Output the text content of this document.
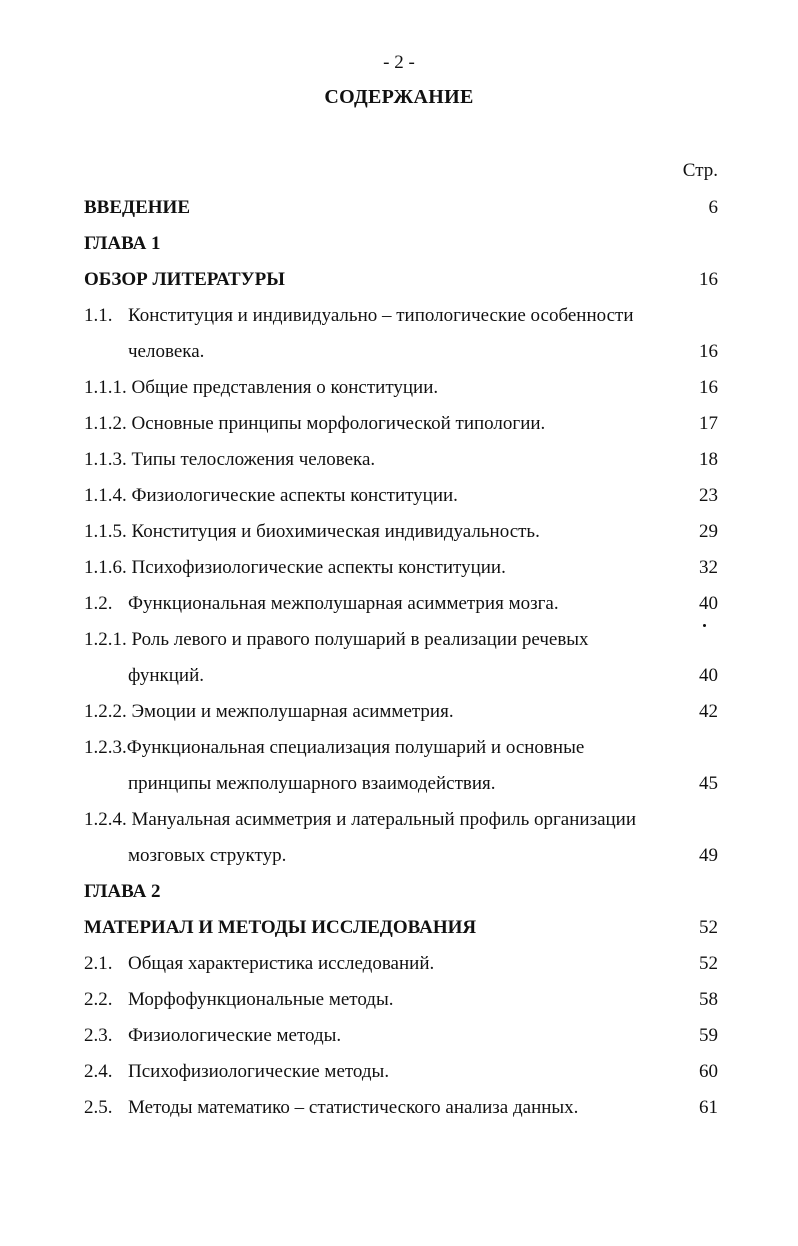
- 2 -
СОДЕРЖАНИЕ
Стр.
ВВЕДЕНИЕ	6
ГЛАВА 1
ОБЗОР ЛИТЕРАТУРЫ	16
1.1. Конституция и индивидуально – типологические особенности
человека.	16
1.1.1. Общие представления о конституции.	16
1.1.2. Основные принципы морфологической типологии.	17
1.1.3. Типы телосложения человека.	18
1.1.4. Физиологические аспекты конституции.	23
1.1.5. Конституция и биохимическая индивидуальность.	29
1.1.6. Психофизиологические аспекты конституции.	32
1.2. Функциональная межполушарная асимметрия мозга.	40
1.2.1. Роль левого и правого полушарий в реализации речевых
функций.	40
1.2.2. Эмоции и межполушарная асимметрия.	42
1.2.3.Функциональная специализация полушарий и основные
принципы межполушарного взаимодействия.	45
1.2.4. Мануальная асимметрия и латеральный профиль организации
мозговых структур.	49
ГЛАВА 2
МАТЕРИАЛ И МЕТОДЫ ИССЛЕДОВАНИЯ	52
2.1. Общая характеристика исследований.	52
2.2. Морфофункциональные методы.	58
2.3. Физиологические методы.	59
2.4. Психофизиологические методы.	60
2.5. Методы математико – статистического анализа данных.	61
